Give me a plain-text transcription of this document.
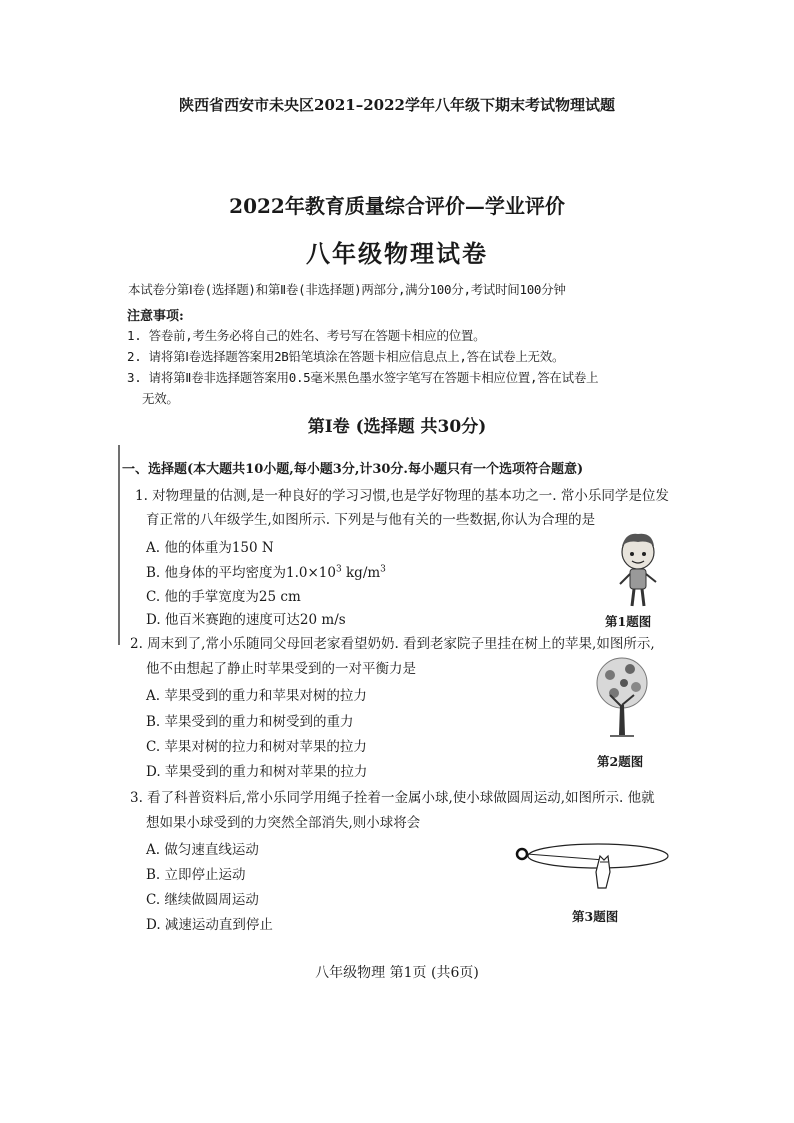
陕西省西安市未央区2021–2022学年八年级下期末考试物理试题
2022年教育质量综合评价—学业评价
八年级物理试卷
本试卷分第Ⅰ卷(选择题)和第Ⅱ卷(非选择题)两部分,满分100分,考试时间100分钟
注意事项:
1. 答卷前,考生务必将自己的姓名、考号写在答题卡相应的位置。
2. 请将第Ⅰ卷选择题答案用2B铅笔填涂在答题卡相应信息点上,答在试卷上无效。
3. 请将第Ⅱ卷非选择题答案用0.5毫米黑色墨水签字笔写在答题卡相应位置,答在试卷上
无效。
第Ⅰ卷 (选择题 共30分)
一、选择题(本大题共10小题,每小题3分,计30分.每小题只有一个选项符合题意)
1. 对物理量的估测,是一种良好的学习习惯,也是学好物理的基本功之一. 常小乐同学是位发
育正常的八年级学生,如图所示. 下列是与他有关的一些数据,你认为合理的是
A. 他的体重为150 N
B. 他身体的平均密度为$1.0\times 10^3$ $kg/m^3$
C. 他的手掌宽度为25 cm
D. 他百米赛跑的速度可达20 m/s	第1题图
2. 周末到了,常小乐随同父母回老家看望奶奶. 看到老家院子里挂在树上的苹果,如图所示,
他不由想起了静止时苹果受到的一对平衡力是
A. 苹果受到的重力和苹果对树的拉力
B. 苹果受到的重力和树受到的重力
C. 苹果对树的拉力和树对苹果的拉力
D. 苹果受到的重力和树对苹果的拉力
第2题图
3. 看了科普资料后,常小乐同学用绳子拴着一金属小球,使小球做圆周运动,如图所示. 他就
想如果小球受到的力突然全部消失,则小球将会
A. 做匀速直线运动
B. 立即停止运动
C. 继续做圆周运动
D. 减速运动直到停止
第3题图
八年级物理 第1页 (共6页)
